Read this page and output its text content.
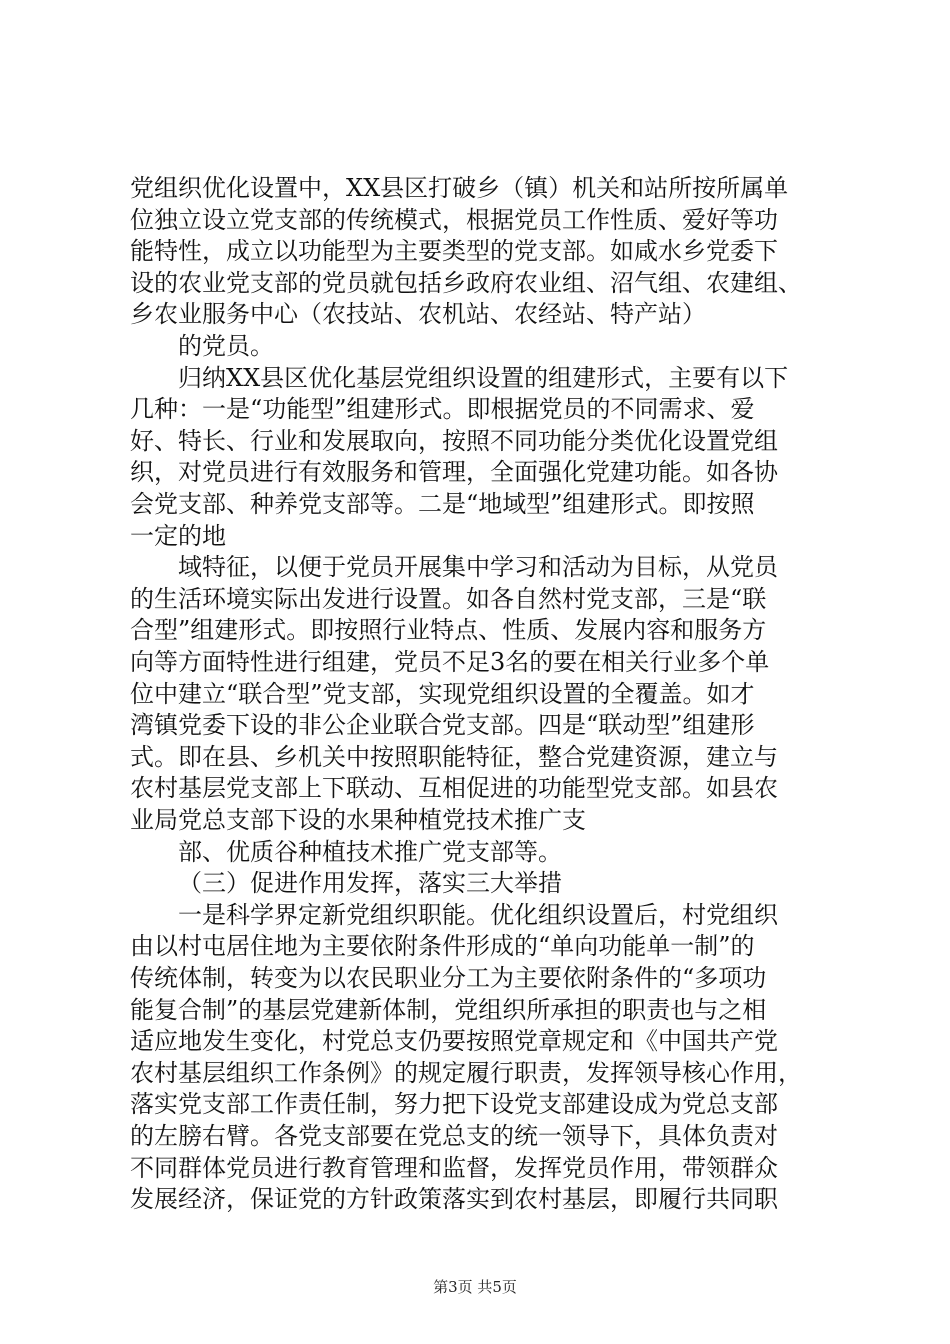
党组织优化设置中，XX县区打破乡（镇）机关和站所按所属单
位独立设立党支部的传统模式，根据党员工作性质、爱好等功
能特性，成立以功能型为主要类型的党支部。如咸水乡党委下
设的农业党支部的党员就包括乡政府农业组、沼气组、农建组、
乡农业服务中心（农技站、农机站、农经站、特产站）
的党员。
归纳XX县区优化基层党组织设置的组建形式，主要有以下
几种：一是“功能型”组建形式。即根据党员的不同需求、爱
好、特长、行业和发展取向，按照不同功能分类优化设置党组
织，对党员进行有效服务和管理，全面强化党建功能。如各协
会党支部、种养党支部等。二是“地域型”组建形式。即按照
一定的地
域特征，以便于党员开展集中学习和活动为目标，从党员
的生活环境实际出发进行设置。如各自然村党支部，三是“联
合型”组建形式。即按照行业特点、性质、发展内容和服务方
向等方面特性进行组建，党员不足3名的要在相关行业多个单
位中建立“联合型”党支部，实现党组织设置的全覆盖。如才
湾镇党委下设的非公企业联合党支部。四是“联动型”组建形
式。即在县、乡机关中按照职能特征，整合党建资源，建立与
农村基层党支部上下联动、互相促进的功能型党支部。如县农
业局党总支部下设的水果种植党技术推广支
部、优质谷种植技术推广党支部等。
（三）促进作用发挥，落实三大举措
一是科学界定新党组织职能。优化组织设置后，村党组织
由以村屯居住地为主要依附条件形成的“单向功能单一制”的
传统体制，转变为以农民职业分工为主要依附条件的“多项功
能复合制”的基层党建新体制，党组织所承担的职责也与之相
适应地发生变化，村党总支仍要按照党章规定和《中国共产党
农村基层组织工作条例》的规定履行职责，发挥领导核心作用，
落实党支部工作责任制，努力把下设党支部建设成为党总支部
的左膀右臂。各党支部要在党总支的统一领导下，具体负责对
不同群体党员进行教育管理和监督，发挥党员作用，带领群众
第3页 共5页
发展经济，保证党的方针政策落实到农村基层，即履行共同职
